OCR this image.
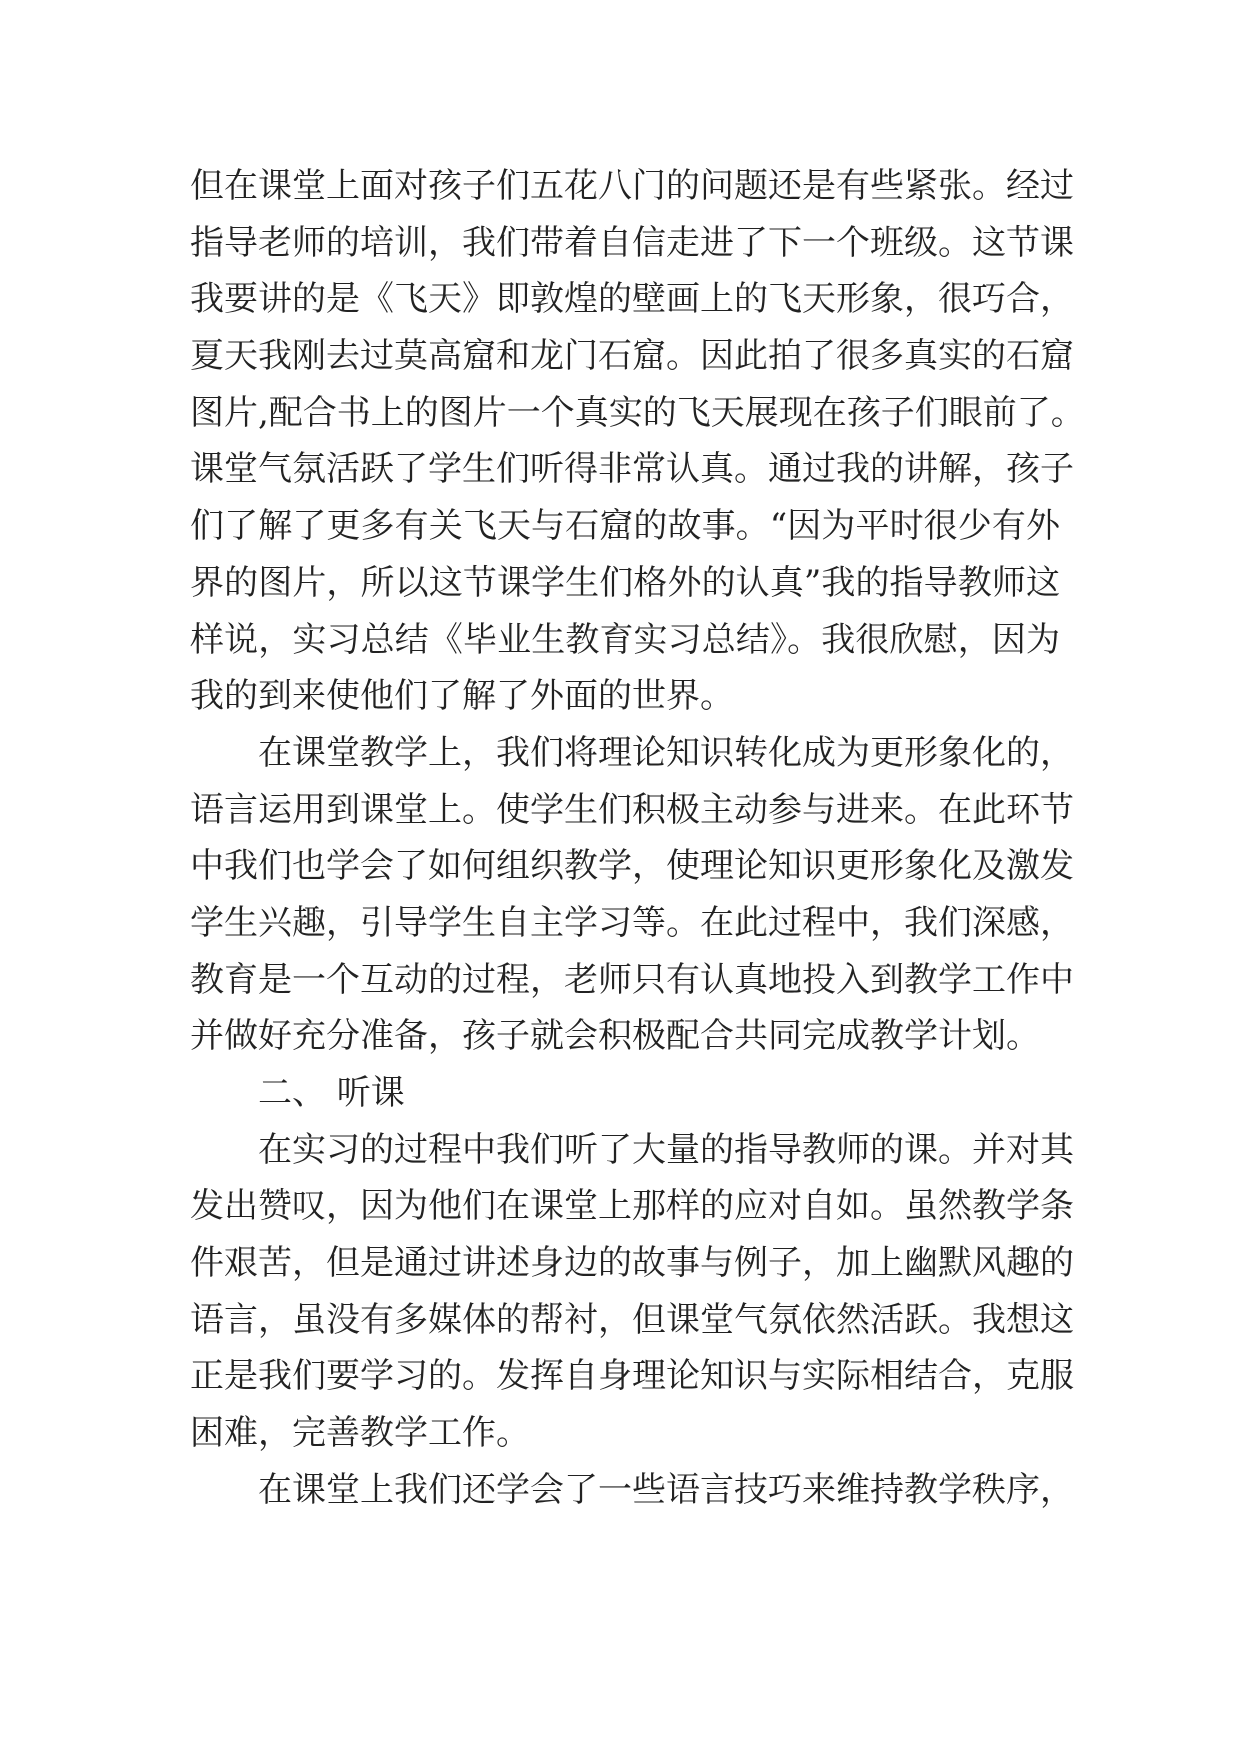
但在课堂上面对孩子们五花八门的问题还是有些紧张。经过
指导老师的培训，我们带着自信走进了下一个班级。这节课
我要讲的是《飞天》即敦煌的壁画上的飞天形象，很巧合，
夏天我刚去过莫高窟和龙门石窟。因此拍了很多真实的石窟
图片,配合书上的图片一个真实的飞天展现在孩子们眼前了。
课堂气氛活跃了学生们听得非常认真。通过我的讲解，孩子
们了解了更多有关飞天与石窟的故事。“因为平时很少有外
界的图片，所以这节课学生们格外的认真”我的指导教师这
样说，实习总结《毕业生教育实习总结》。我很欣慰，因为
我的到来使他们了解了外面的世界。
在课堂教学上，我们将理论知识转化成为更形象化的，
语言运用到课堂上。使学生们积极主动参与进来。在此环节
中我们也学会了如何组织教学，使理论知识更形象化及激发
学生兴趣，引导学生自主学习等。在此过程中，我们深感，
教育是一个互动的过程，老师只有认真地投入到教学工作中
并做好充分准备，孩子就会积极配合共同完成教学计划。
二、 听课
在实习的过程中我们听了大量的指导教师的课。并对其
发出赞叹，因为他们在课堂上那样的应对自如。虽然教学条
件艰苦，但是通过讲述身边的故事与例子，加上幽默风趣的
语言，虽没有多媒体的帮衬，但课堂气氛依然活跃。我想这
正是我们要学习的。发挥自身理论知识与实际相结合，克服
困难，完善教学工作。
在课堂上我们还学会了一些语言技巧来维持教学秩序，
